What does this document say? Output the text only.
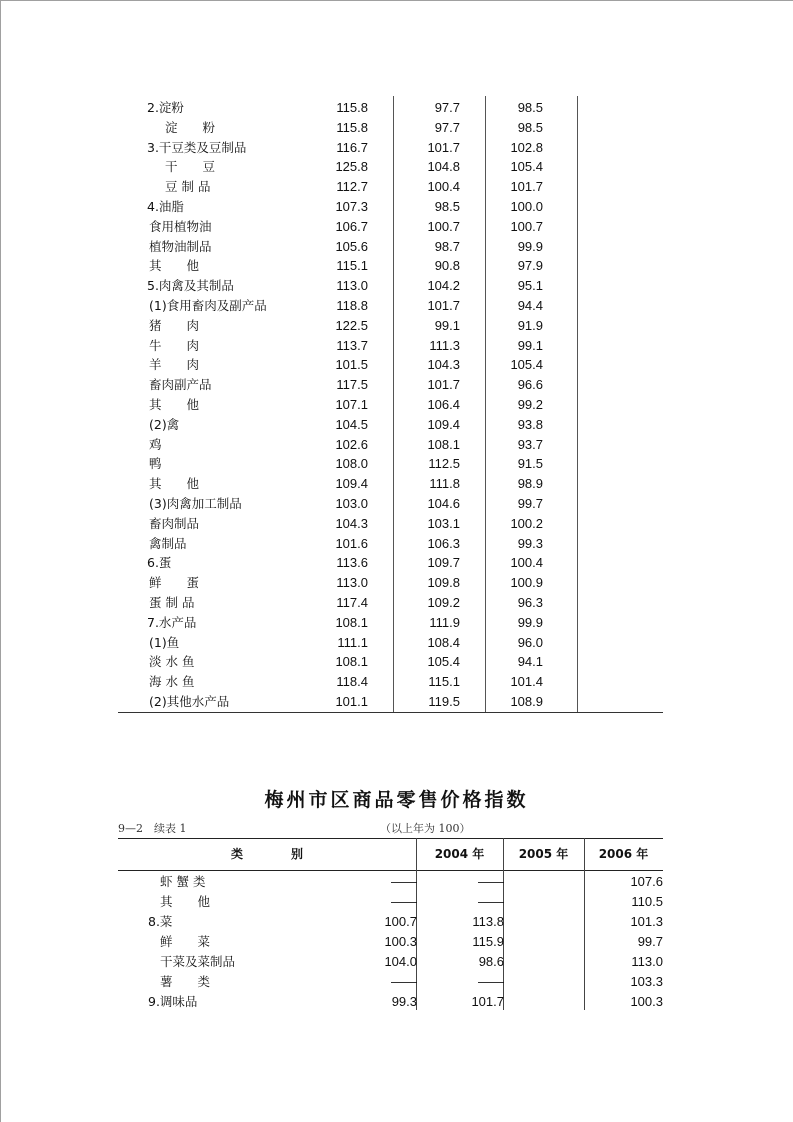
2.淀粉	115.8	97.7	98.5
淀　　粉	115.8	97.7	98.5
3.干豆类及豆制品	116.7	101.7	102.8
干　　豆	125.8	104.8	105.4
豆 制 品	112.7	100.4	101.7
4.油脂	107.3	98.5	100.0
食用植物油	106.7	100.7	100.7
植物油制品	105.6	98.7	99.9
其　　他	115.1	90.8	97.9
5.肉禽及其制品	113.0	104.2	95.1
(1)食用畜肉及副产品	118.8	101.7	94.4
猪　　肉	122.5	99.1	91.9
牛　　肉	113.7	111.3	99.1
羊　　肉	101.5	104.3	105.4
畜肉副产品	117.5	101.7	96.6
其　　他	107.1	106.4	99.2
(2)禽	104.5	109.4	93.8
鸡	102.6	108.1	93.7
鸭	108.0	112.5	91.5
其　　他	109.4	111.8	98.9
(3)肉禽加工制品	103.0	104.6	99.7
畜肉制品	104.3	103.1	100.2
禽制品	101.6	106.3	99.3
6.蛋	113.6	109.7	100.4
鲜　　蛋	113.0	109.8	100.9
蛋 制 品	117.4	109.2	96.3
7.水产品	108.1	111.9	99.9
(1)鱼	111.1	108.4	96.0
淡 水 鱼	108.1	105.4	94.1
海 水 鱼	118.4	115.1	101.4
(2)其他水产品	101.1	119.5	108.9
梅州市区商品零售价格指数
9—2　续表 1	（以上年为 100）
类　　　　别	2004 年	2005 年	2006 年
虾 蟹 类	——	——	107.6
其　　他	——	——	110.5
8.菜	100.7	113.8	101.3
鲜　　菜	100.3	115.9	99.7
干菜及菜制品	104.0	98.6	113.0
薯　　类	——	——	103.3
9.调味品	99.3	101.7	100.3
